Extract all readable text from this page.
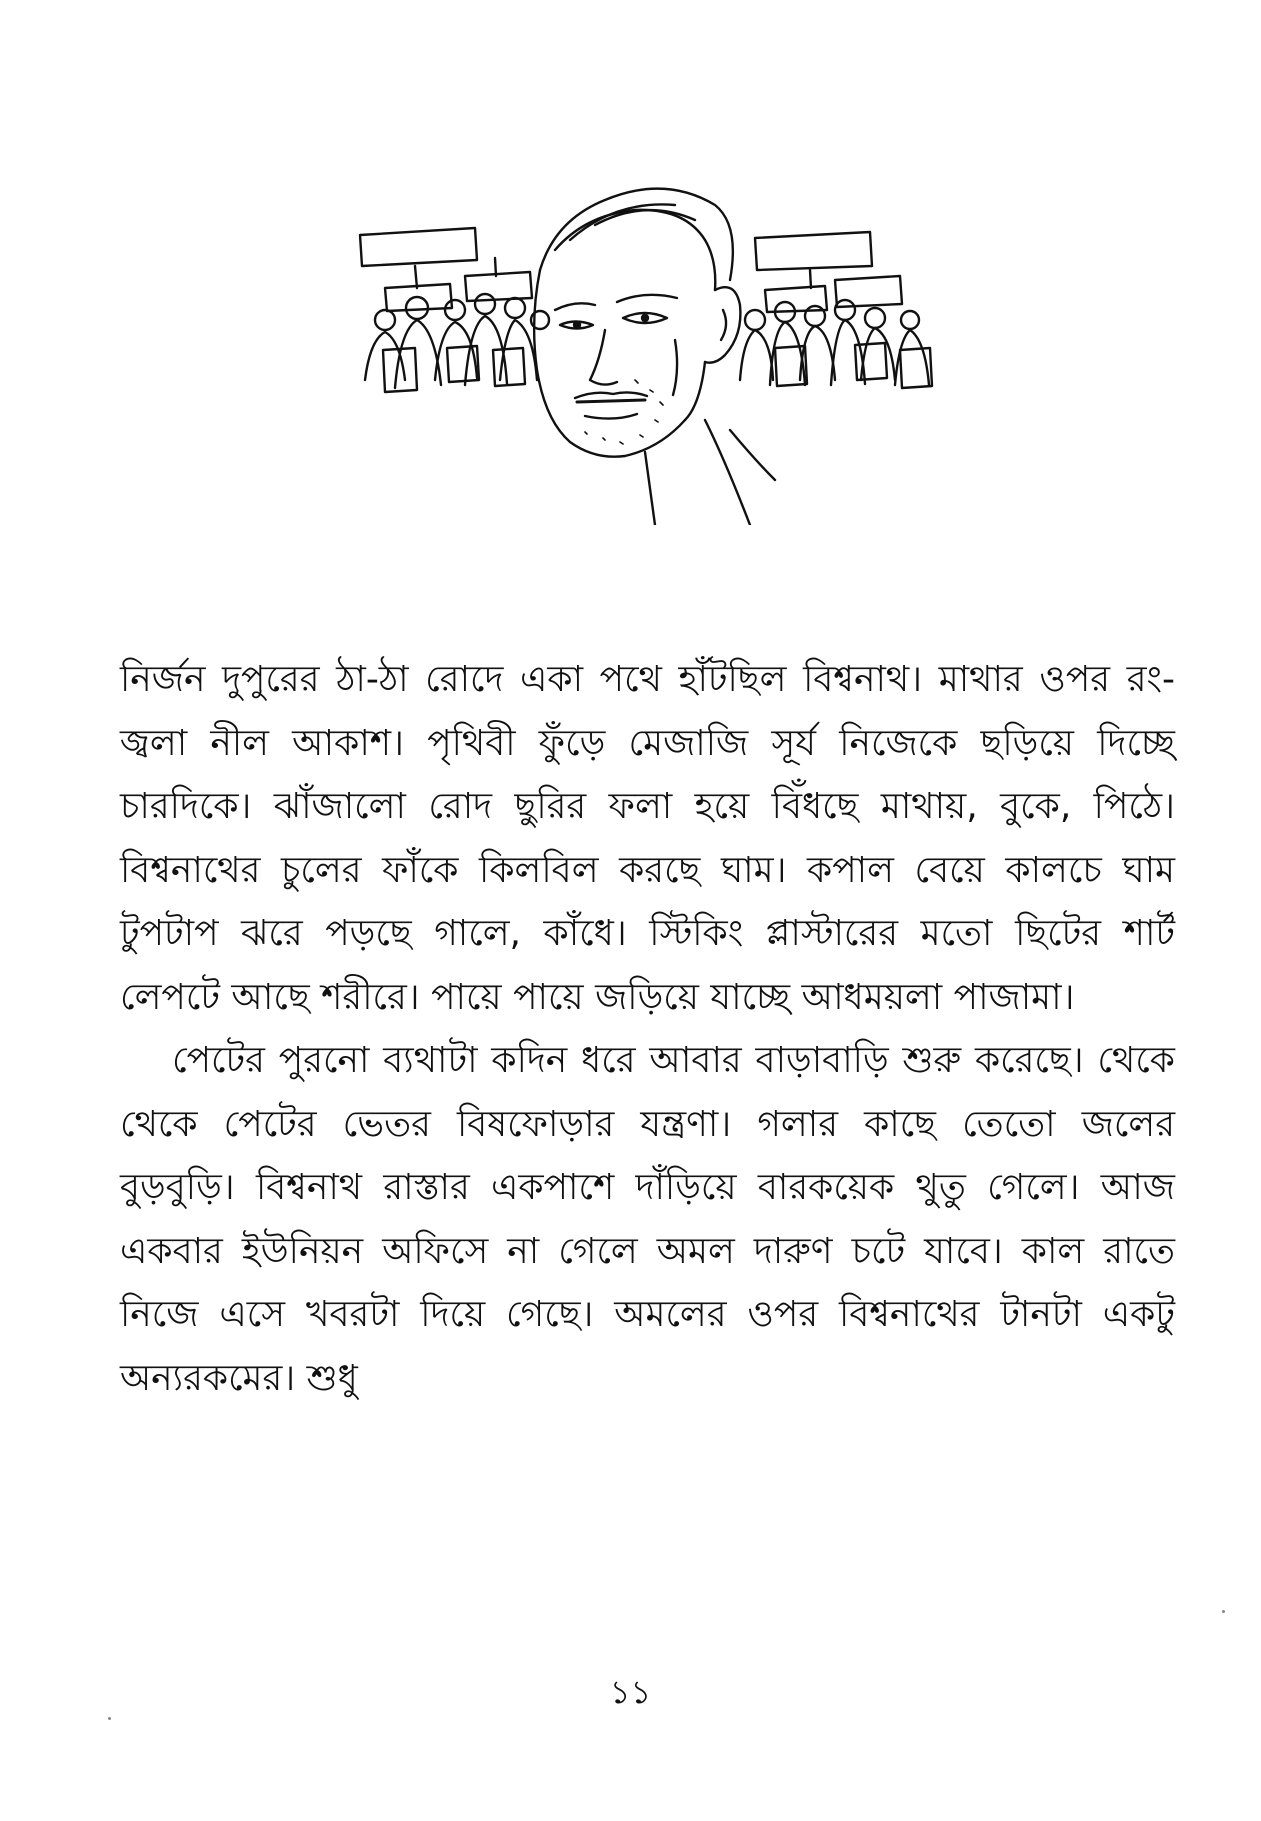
নির্জন দুপুরের ঠা-ঠা রোদে একা পথে হাঁটছিল বিশ্বনাথ। মাথার ওপর রং-জ্বলা নীল আকাশ। পৃথিবী ফুঁড়ে মেজাজি সূর্য নিজেকে ছড়িয়ে দিচ্ছে চারদিকে। ঝাঁজালো রোদ ছুরির ফলা হয়ে বিঁধছে মাথায়, বুকে, পিঠে। বিশ্বনাথের চুলের ফাঁকে কিলবিল করছে ঘাম। কপাল বেয়ে কালচে ঘাম টুপটাপ ঝরে পড়ছে গালে, কাঁধে। স্টিকিং প্লাস্টারের মতো ছিটের শার্ট লেপটে আছে শরীরে। পায়ে পায়ে জড়িয়ে যাচ্ছে আধময়লা পাজামা।

পেটের পুরনো ব্যথাটা কদিন ধরে আবার বাড়াবাড়ি শুরু করেছে। থেকে থেকে পেটের ভেতর বিষফোড়ার যন্ত্রণা। গলার কাছে তেতো জলের বুড়বুড়ি। বিশ্বনাথ রাস্তার একপাশে দাঁড়িয়ে বারকয়েক থুতু গেলে। আজ একবার ইউনিয়ন অফিসে না গেলে অমল দারুণ চটে যাবে। কাল রাতে নিজে এসে খবরটা দিয়ে গেছে। অমলের ওপর বিশ্বনাথের টানটা একটু অন্যরকমের। শুধু

১১
